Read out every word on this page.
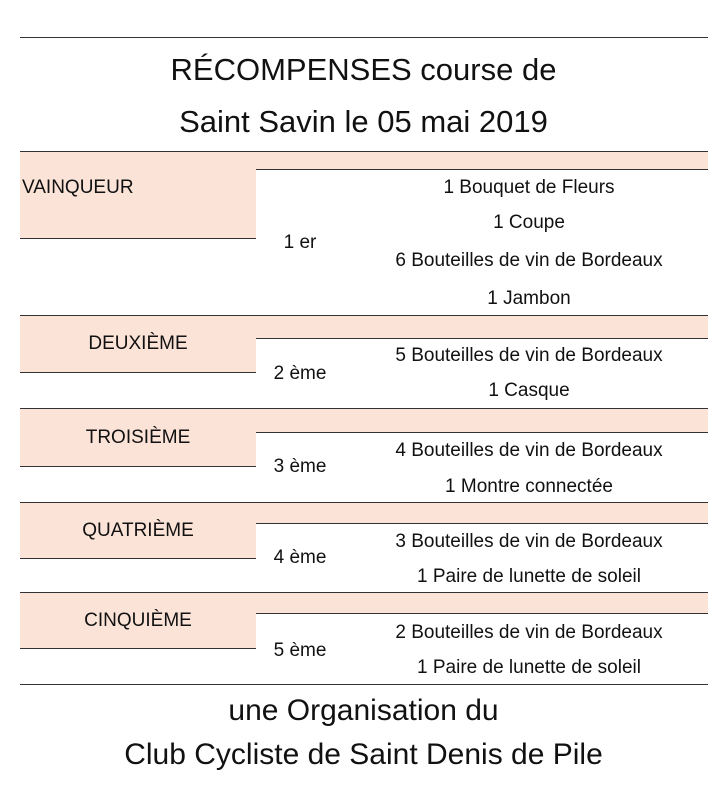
RÉCOMPENSES course de
Saint Savin le 05 mai 2019
VAINQUEUR
1 er
1 Bouquet de Fleurs
1 Coupe
6 Bouteilles de vin de Bordeaux
1 Jambon
DEUXIÈME
2 ème
5 Bouteilles de vin de Bordeaux
1 Casque
TROISIÈME
3 ème
4 Bouteilles de vin de Bordeaux
1 Montre connectée
QUATRIÈME
4 ème
3 Bouteilles de vin de Bordeaux
1 Paire de lunette de soleil
CINQUIÈME
5 ème
2 Bouteilles de vin de Bordeaux
1 Paire de lunette de soleil
une Organisation du
Club Cycliste de Saint Denis de Pile
